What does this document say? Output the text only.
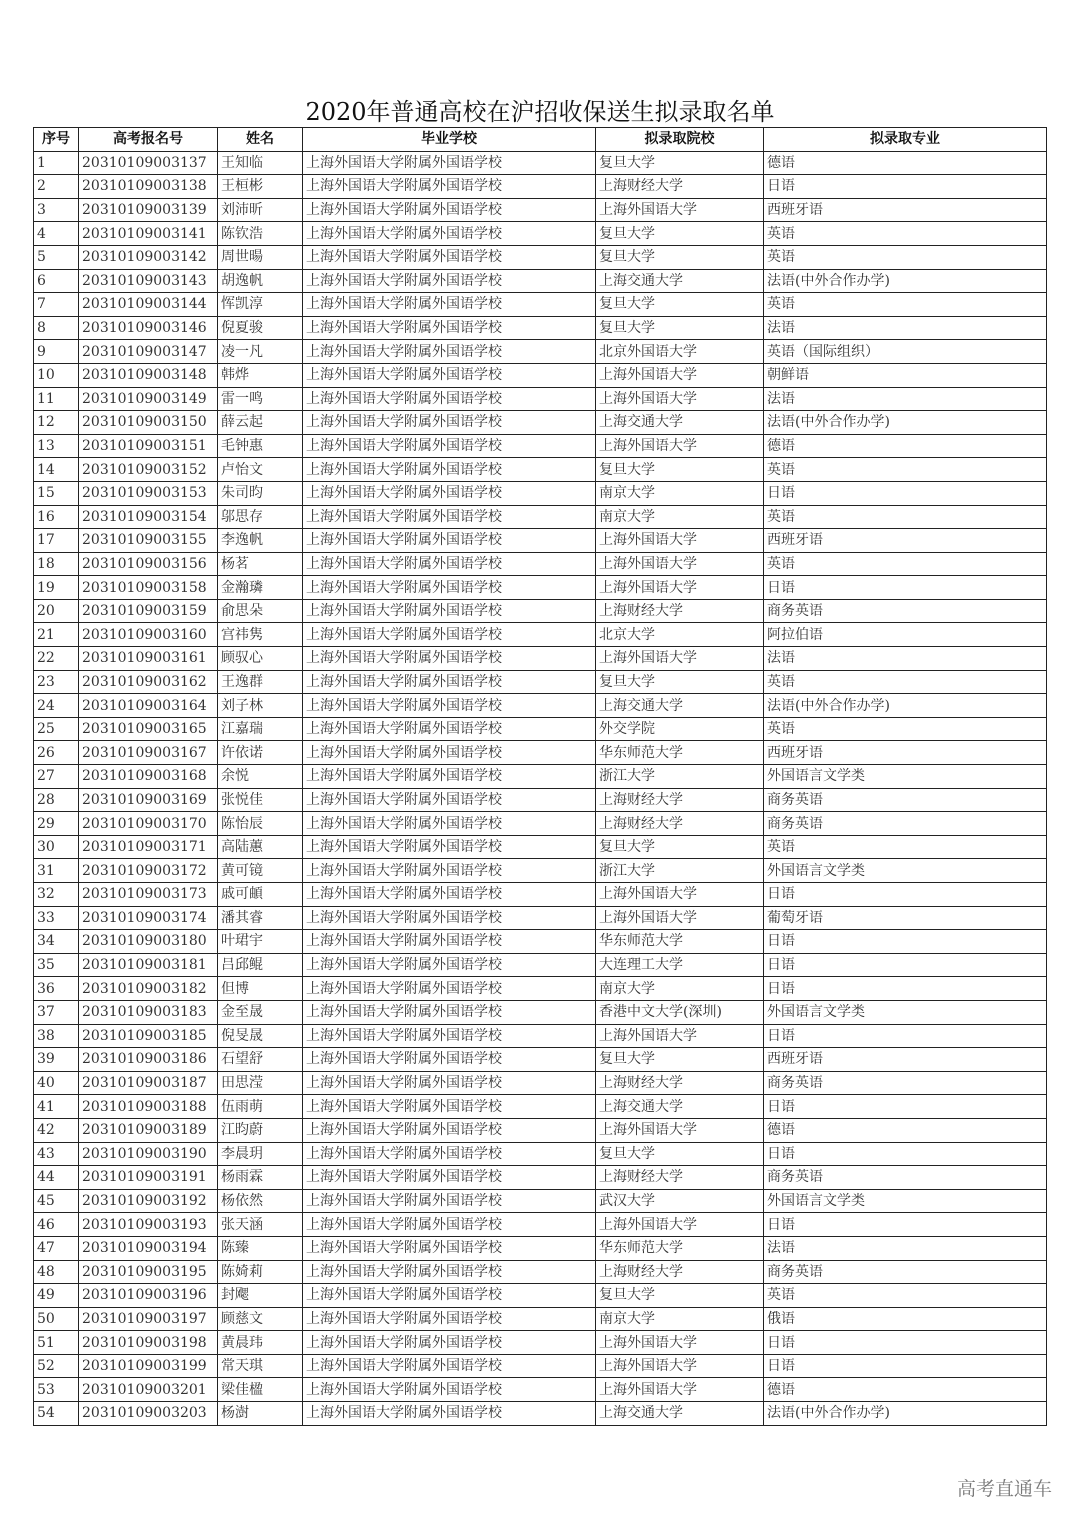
2020年普通高校在沪招收保送生拟录取名单
序号	高考报名号	姓名	毕业学校	拟录取院校	拟录取专业
1	20310109003137	王知临	上海外国语大学附属外国语学校	复旦大学	德语
2	20310109003138	王桓彬	上海外国语大学附属外国语学校	上海财经大学	日语
3	20310109003139	刘沛昕	上海外国语大学附属外国语学校	上海外国语大学	西班牙语
4	20310109003141	陈钦浩	上海外国语大学附属外国语学校	复旦大学	英语
5	20310109003142	周世暘	上海外国语大学附属外国语学校	复旦大学	英语
6	20310109003143	胡逸帆	上海外国语大学附属外国语学校	上海交通大学	法语(中外合作办学)
7	20310109003144	恽凯淳	上海外国语大学附属外国语学校	复旦大学	英语
8	20310109003146	倪夏骏	上海外国语大学附属外国语学校	复旦大学	法语
9	20310109003147	凌一凡	上海外国语大学附属外国语学校	北京外国语大学	英语（国际组织）
10	20310109003148	韩烨	上海外国语大学附属外国语学校	上海外国语大学	朝鲜语
11	20310109003149	雷一鸣	上海外国语大学附属外国语学校	上海外国语大学	法语
12	20310109003150	薛云起	上海外国语大学附属外国语学校	上海交通大学	法语(中外合作办学)
13	20310109003151	毛钟惠	上海外国语大学附属外国语学校	上海外国语大学	德语
14	20310109003152	卢怡文	上海外国语大学附属外国语学校	复旦大学	英语
15	20310109003153	朱司昀	上海外国语大学附属外国语学校	南京大学	日语
16	20310109003154	邬思存	上海外国语大学附属外国语学校	南京大学	英语
17	20310109003155	李逸帆	上海外国语大学附属外国语学校	上海外国语大学	西班牙语
18	20310109003156	杨茗	上海外国语大学附属外国语学校	上海外国语大学	英语
19	20310109003158	金瀚璘	上海外国语大学附属外国语学校	上海外国语大学	日语
20	20310109003159	俞思朵	上海外国语大学附属外国语学校	上海财经大学	商务英语
21	20310109003160	宫祎隽	上海外国语大学附属外国语学校	北京大学	阿拉伯语
22	20310109003161	顾驭心	上海外国语大学附属外国语学校	上海外国语大学	法语
23	20310109003162	王逸群	上海外国语大学附属外国语学校	复旦大学	英语
24	20310109003164	刘子林	上海外国语大学附属外国语学校	上海交通大学	法语(中外合作办学)
25	20310109003165	江嘉瑞	上海外国语大学附属外国语学校	外交学院	英语
26	20310109003167	许依诺	上海外国语大学附属外国语学校	华东师范大学	西班牙语
27	20310109003168	余悦	上海外国语大学附属外国语学校	浙江大学	外国语言文学类
28	20310109003169	张悦佳	上海外国语大学附属外国语学校	上海财经大学	商务英语
29	20310109003170	陈怡辰	上海外国语大学附属外国语学校	上海财经大学	商务英语
30	20310109003171	高陆蕙	上海外国语大学附属外国语学校	复旦大学	英语
31	20310109003172	黄可镜	上海外国语大学附属外国语学校	浙江大学	外国语言文学类
32	20310109003173	戚可頔	上海外国语大学附属外国语学校	上海外国语大学	日语
33	20310109003174	潘其睿	上海外国语大学附属外国语学校	上海外国语大学	葡萄牙语
34	20310109003180	叶珺宇	上海外国语大学附属外国语学校	华东师范大学	日语
35	20310109003181	吕邱鲲	上海外国语大学附属外国语学校	大连理工大学	日语
36	20310109003182	但博	上海外国语大学附属外国语学校	南京大学	日语
37	20310109003183	金至晟	上海外国语大学附属外国语学校	香港中文大学(深圳)	外国语言文学类
38	20310109003185	倪旻晟	上海外国语大学附属外国语学校	上海外国语大学	日语
39	20310109003186	石望舒	上海外国语大学附属外国语学校	复旦大学	西班牙语
40	20310109003187	田思滢	上海外国语大学附属外国语学校	上海财经大学	商务英语
41	20310109003188	伍雨萌	上海外国语大学附属外国语学校	上海交通大学	日语
42	20310109003189	江昀蔚	上海外国语大学附属外国语学校	上海外国语大学	德语
43	20310109003190	李晨玥	上海外国语大学附属外国语学校	复旦大学	日语
44	20310109003191	杨雨霖	上海外国语大学附属外国语学校	上海财经大学	商务英语
45	20310109003192	杨依然	上海外国语大学附属外国语学校	武汉大学	外国语言文学类
46	20310109003193	张天涵	上海外国语大学附属外国语学校	上海外国语大学	日语
47	20310109003194	陈臻	上海外国语大学附属外国语学校	华东师范大学	法语
48	20310109003195	陈婍莉	上海外国语大学附属外国语学校	上海财经大学	商务英语
49	20310109003196	封飔	上海外国语大学附属外国语学校	复旦大学	英语
50	20310109003197	顾慈文	上海外国语大学附属外国语学校	南京大学	俄语
51	20310109003198	黄晨玮	上海外国语大学附属外国语学校	上海外国语大学	日语
52	20310109003199	常天琪	上海外国语大学附属外国语学校	上海外国语大学	日语
53	20310109003201	梁佳楹	上海外国语大学附属外国语学校	上海外国语大学	德语
54	20310109003203	杨澍	上海外国语大学附属外国语学校	上海交通大学	法语(中外合作办学)
高考直通车
